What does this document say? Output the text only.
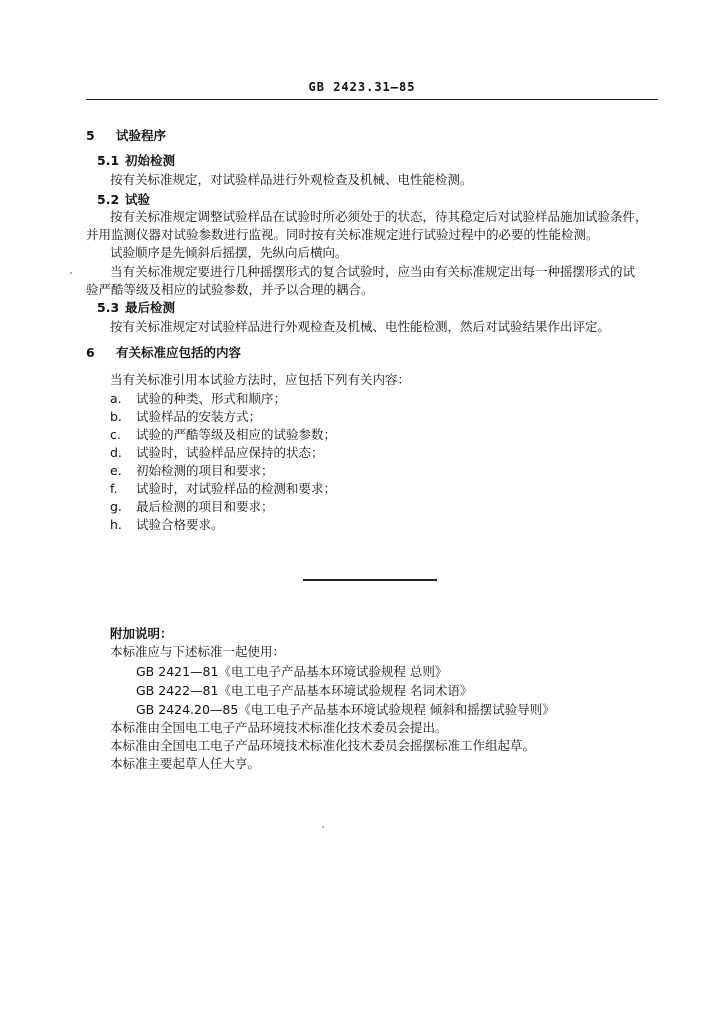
GB 2423.31—85
5 试验程序
5.1 初始检测
按有关标准规定，对试验样品进行外观检查及机械、电性能检测。
5.2 试验
按有关标准规定调整试验样品在试验时所必须处于的状态，待其稳定后对试验样品施加试验条件，
并用监测仪器对试验参数进行监视。同时按有关标准规定进行试验过程中的必要的性能检测。
试验顺序是先倾斜后摇摆，先纵向后横向。
当有关标准规定要进行几种摇摆形式的复合试验时，应当由有关标准规定出每一种摇摆形式的试
验严酷等级及相应的试验参数，并予以合理的耦合。
5.3 最后检测
按有关标准规定对试验样品进行外观检查及机械、电性能检测，然后对试验结果作出评定。
6 有关标准应包括的内容
当有关标准引用本试验方法时，应包括下列有关内容：
a. 试验的种类、形式和顺序；
b. 试验样品的安装方式；
c. 试验的严酷等级及相应的试验参数；
d. 试验时，试验样品应保持的状态；
e. 初始检测的项目和要求；
f. 试验时，对试验样品的检测和要求；
g. 最后检测的项目和要求；
h. 试验合格要求。
附加说明：
本标准应与下述标准一起使用：
GB 2421—81《电工电子产品基本环境试验规程 总则》
GB 2422—81《电工电子产品基本环境试验规程 名词术语》
GB 2424.20—85《电工电子产品基本环境试验规程 倾斜和摇摆试验导则》
本标准由全国电工电子产品环境技术标准化技术委员会提出。
本标准由全国电工电子产品环境技术标准化技术委员会摇摆标准工作组起草。
本标准主要起草人任大亨。
